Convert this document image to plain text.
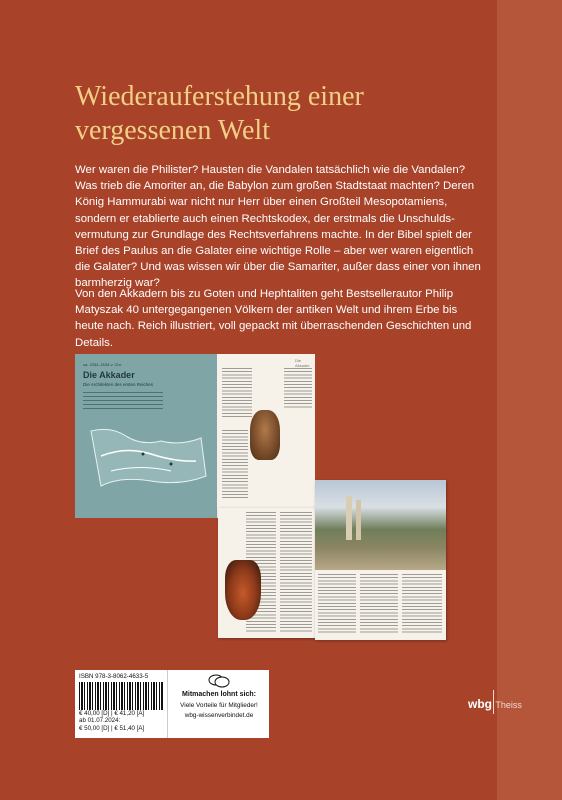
Wiederauferstehung einer vergessenen Welt

Wer waren die Philister? Hausten die Vandalen tatsächlich wie die Vandalen? Was trieb die Amoriter an, die Babylon zum großen Stadtstaat machten? Deren König Hammurabi war nicht nur Herr über einen Großteil Mesopotamiens, sondern er etablierte auch einen Rechtskodex, der erstmals die Unschulds-vermutung zur Grundlage des Rechtsverfahrens machte. In der Bibel spielt der Brief des Paulus an die Galater eine wichtige Rolle – aber wer waren eigentlich die Galater? Und was wissen wir über die Samariter, außer dass einer von ihnen barmherzig war?

Von den Akkadern bis zu Goten und Hephtaliten geht Bestsellerautor Philip Matyszak 40 untergegangenen Völkern der antiken Welt und ihrem Erbe bis heute nach. Reich illustriert, voll gepackt mit überraschenden Geschichten und Details.

ca. 2334–2154 v. Chr.
Die Akkader
Die Architekten des ersten Reiches
Die Akkader
ISBN 978-3-8062-4633-5
€ 40,00 [D] | € 41,20 [A]
ab 01.07.2024:
€ 50,00 [D] | € 51,40 [A]
Mitmachen lohnt sich:
Viele Vorteile für Mitglieder!
wbg-wissenverbindet.de
wbg Theiss
